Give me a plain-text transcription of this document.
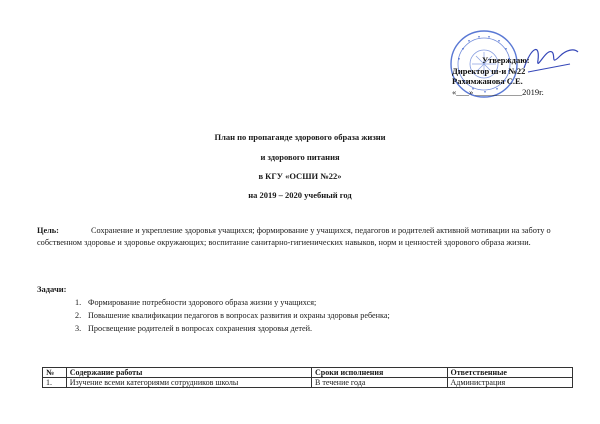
Утверждаю:
Директор ш-и №22
Рахимжанова С.Е.
«___» ___________2019г.
План по пропаганде здорового образа жизни
и здорового питания
в КГУ «ОСШИ №22»
на 2019 – 2020 учебный год
Цель:	Сохранение и укрепление здоровья учащихся; формирование у учащихся, педагогов и родителей активной мотивации на заботу о собственном здоровье и здоровье окружающих; воспитание санитарно-гигиенических навыков, норм и ценностей здорового образа жизни.
Задачи:
1. Формирование потребности здорового образа жизни у учащихся;
2. Повышение квалификации педагогов в вопросах развития и охраны здоровья ребенка;
3. Просвещение родителей в вопросах сохранения здоровья детей.
№	Содержание работы	Сроки исполнения	Ответственные
1.	Изучение всеми категориями сотрудников школы	В течение года	Администрация
